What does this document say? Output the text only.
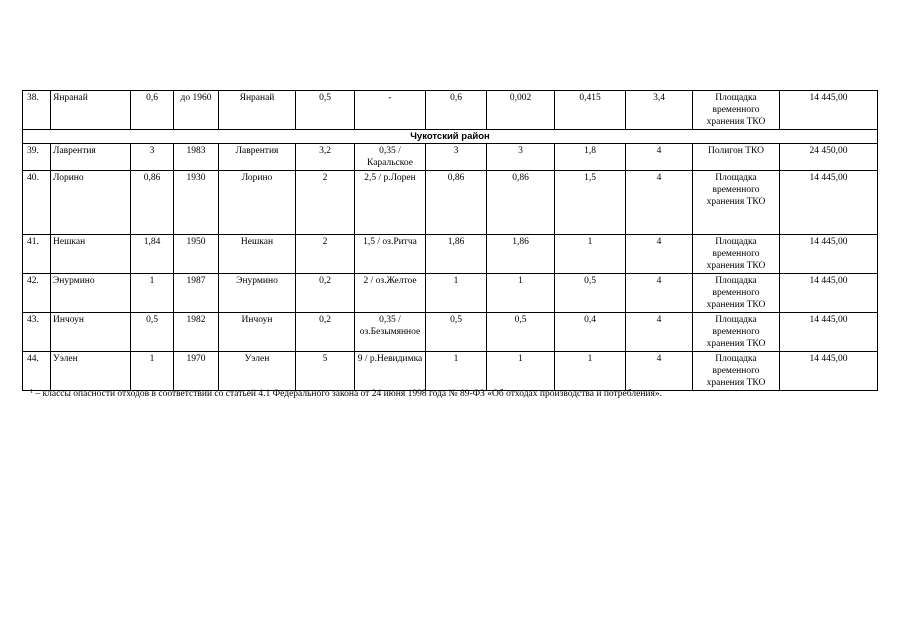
38.	Янранай	0,6	до 1960	Янранай	0,5	-	0,6	0,002	0,415	3,4	Площадка временного хранения ТКО	14 445,00
Чукотский район												
39.	Лаврентия	3	1983	Лаврентия	3,2	0,35 / Каральское	3	3	1,8	4	Полигон ТКО	24 450,00
40.	Лорино	0,86	1930	Лорино	2	2,5 / р.Лорен	0,86	0,86	1,5	4	Площадка временного хранения ТКО	14 445,00
41.	Нешкан	1,84	1950	Нешкан	2	1,5 / оз.Ритча	1,86	1,86	1	4	Площадка временного хранения ТКО	14 445,00
42.	Энурмино	1	1987	Энурмино	0,2	2 / оз.Желтое	1	1	0,5	4	Площадка временного хранения ТКО	14 445,00
43.	Инчоун	0,5	1982	Инчоун	0,2	0,35 / оз.Безымянное	0,5	0,5	0,4	4	Площадка временного хранения ТКО	14 445,00
44.	Уэлен	1	1970	Уэлен	5	9 / р.Невидимка	1	1	1	4	Площадка временного хранения ТКО	14 445,00
$^1$ – классы опасности отходов в соответствии со статьей 4.1 Федерального закона от 24 июня 1998 года № 89-ФЗ «Об отходах производства и потребления».
